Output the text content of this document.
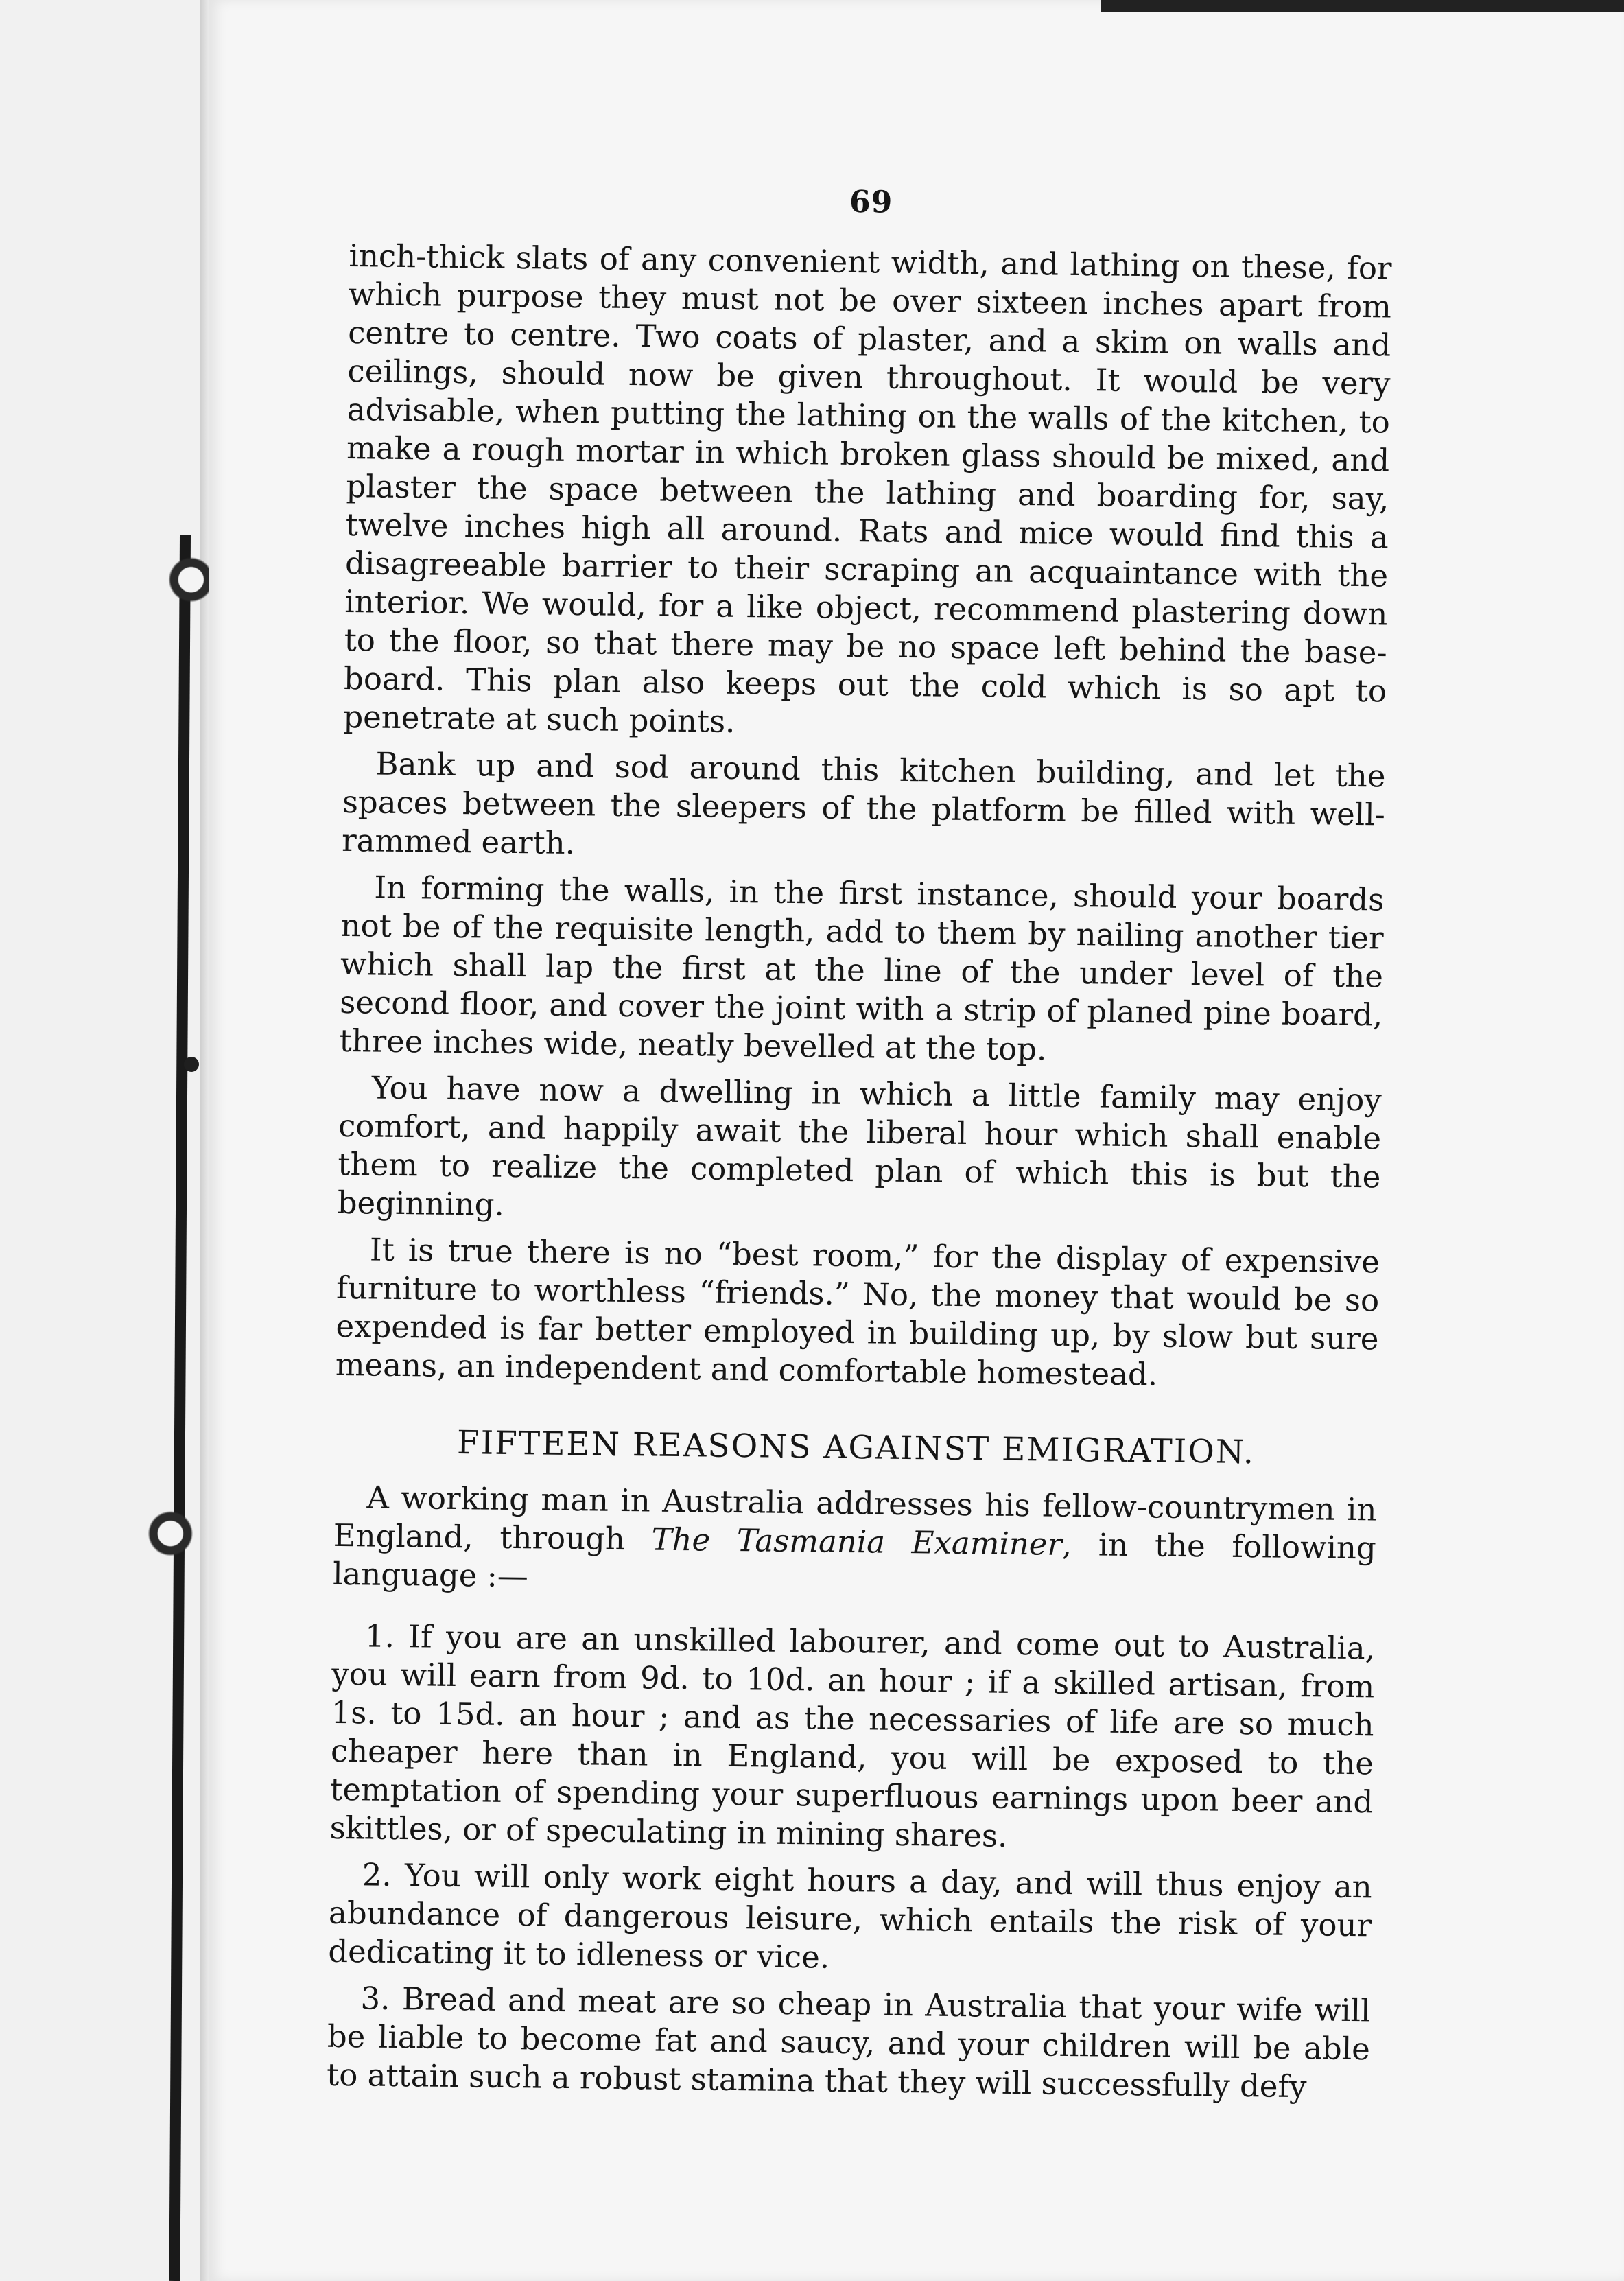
69

inch-thick slats of any convenient width, and lathing on these, for which purpose they must not be over sixteen inches apart from centre to centre. Two coats of plaster, and a skim on walls and ceilings, should now be given throughout. It would be very advisable, when putting the lathing on the walls of the kitchen, to make a rough mortar in which broken glass should be mixed, and plaster the space between the lathing and boarding for, say, twelve inches high all around. Rats and mice would find this a disagreeable barrier to their scraping an acquaintance with the interior. We would, for a like object, recommend plastering down to the floor, so that there may be no space left behind the base-board. This plan also keeps out the cold which is so apt to penetrate at such points.

Bank up and sod around this kitchen building, and let the spaces between the sleepers of the platform be filled with well-rammed earth.

In forming the walls, in the first instance, should your boards not be of the requisite length, add to them by nailing another tier which shall lap the first at the line of the under level of the second floor, and cover the joint with a strip of planed pine board, three inches wide, neatly bevelled at the top.

You have now a dwelling in which a little family may enjoy comfort, and happily await the liberal hour which shall enable them to realize the completed plan of which this is but the beginning.

It is true there is no “best room,” for the display of expensive furniture to worthless “friends.” No, the money that would be so expended is far better employed in building up, by slow but sure means, an independent and comfortable homestead.

FIFTEEN REASONS AGAINST EMIGRATION.

A working man in Australia addresses his fellow-countrymen in England, through The Tasmania Examiner, in the following language :—

1. If you are an unskilled labourer, and come out to Australia, you will earn from 9d. to 10d. an hour ; if a skilled artisan, from 1s. to 15d. an hour ; and as the necessaries of life are so much cheaper here than in England, you will be exposed to the temptation of spending your superfluous earnings upon beer and skittles, or of speculating in mining shares.

2. You will only work eight hours a day, and will thus enjoy an abundance of dangerous leisure, which entails the risk of your dedicating it to idleness or vice.

3. Bread and meat are so cheap in Australia that your wife will be liable to become fat and saucy, and your children will be able to attain such a robust stamina that they will successfully defy
